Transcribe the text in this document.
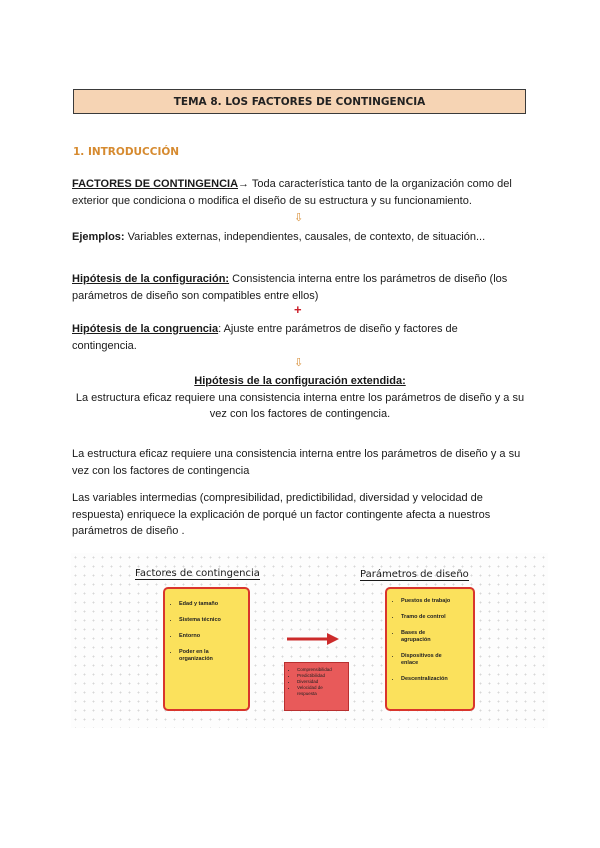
TEMA 8. LOS FACTORES DE CONTINGENCIA
1. INTRODUCCIÓN
FACTORES DE CONTINGENCIA→ Toda característica tanto de la organización como del
exterior que condiciona o modifica el diseño de su estructura y su funcionamiento.
⇩
Ejemplos: Variables externas, independientes, causales, de contexto, de situación...
Hipótesis de la configuración: Consistencia interna entre los parámetros de diseño (los
parámetros de diseño son compatibles entre ellos)
+
Hipótesis de la congruencia: Ajuste entre parámetros de diseño y factores de
contingencia.
⇩
Hipótesis de la configuración extendida:
La estructura eficaz requiere una consistencia interna entre los parámetros de diseño y a su
vez con los factores de contingencia.
La estructura eficaz requiere una consistencia interna entre los parámetros de diseño y a su
vez con los factores de contingencia
Las variables intermedias (compresibilidad, predictibilidad, diversidad y velocidad de
respuesta) enriquece la explicación de porqué un factor contingente afecta a nuestros
parámetros de diseño .
Factores de contingencia	Parámetros de diseño
• Edad y tamaño
• Sistema técnico
• Entorno
• Poder en la organización
• Comprensibilidad
• Predictibilidad
• Diversidad
• Velocidad de respuesta
• Puestos de trabajo
• Tramo de control
• Bases de agrupación
• Dispositivos de enlace
• Descentralización
